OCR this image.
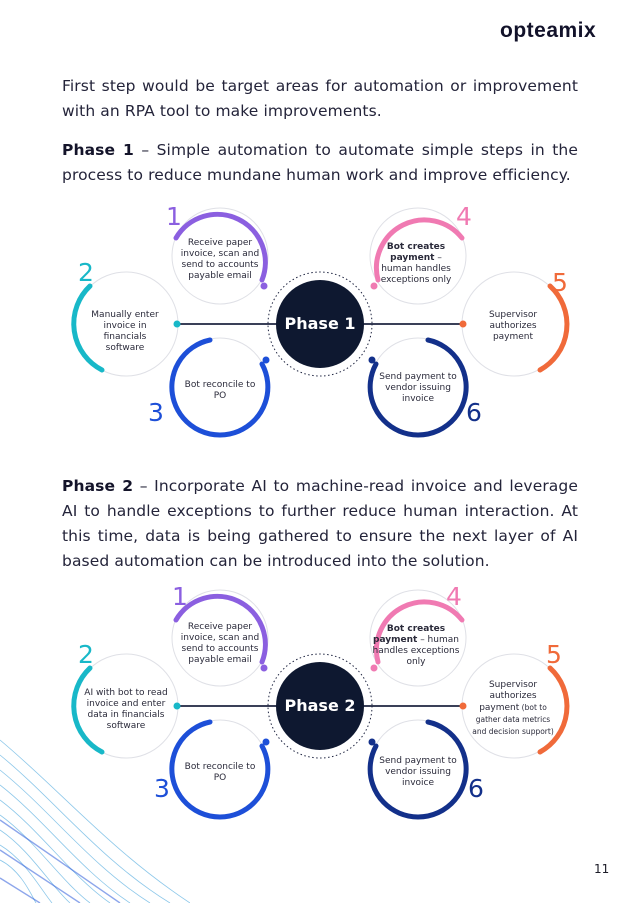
opteamix

First step would be target areas for automation or improvement with an RPA tool to make improvements.

Phase 1 – Simple automation to automate simple steps in the process to reduce mundane human work and improve efficiency.

Phase 1
1
Receive paper invoice, scan and send to accounts payable email
2
Manually enter invoice in financials software
3
Bot reconcile to PO
4
Bot creates payment – human handles exceptions only	5
Supervisor authorizes payment
6
Send payment to vendor issuing invoice

Phase 2 – Incorporate AI to machine-read invoice and leverage AI to handle exceptions to further reduce human interaction. At this time, data is being gathered to ensure the next layer of AI based automation can be introduced into the solution.

Phase 2
1
Receive paper invoice, scan and send to accounts payable email
2
AI with bot to read invoice and enter data in financials software
3
Bot reconcile to PO
4
Bot creates payment – human handles exceptions only	5
Supervisor authorizes payment (bot to gather data metrics and decision support)
6
Send payment to vendor issuing invoice
11
